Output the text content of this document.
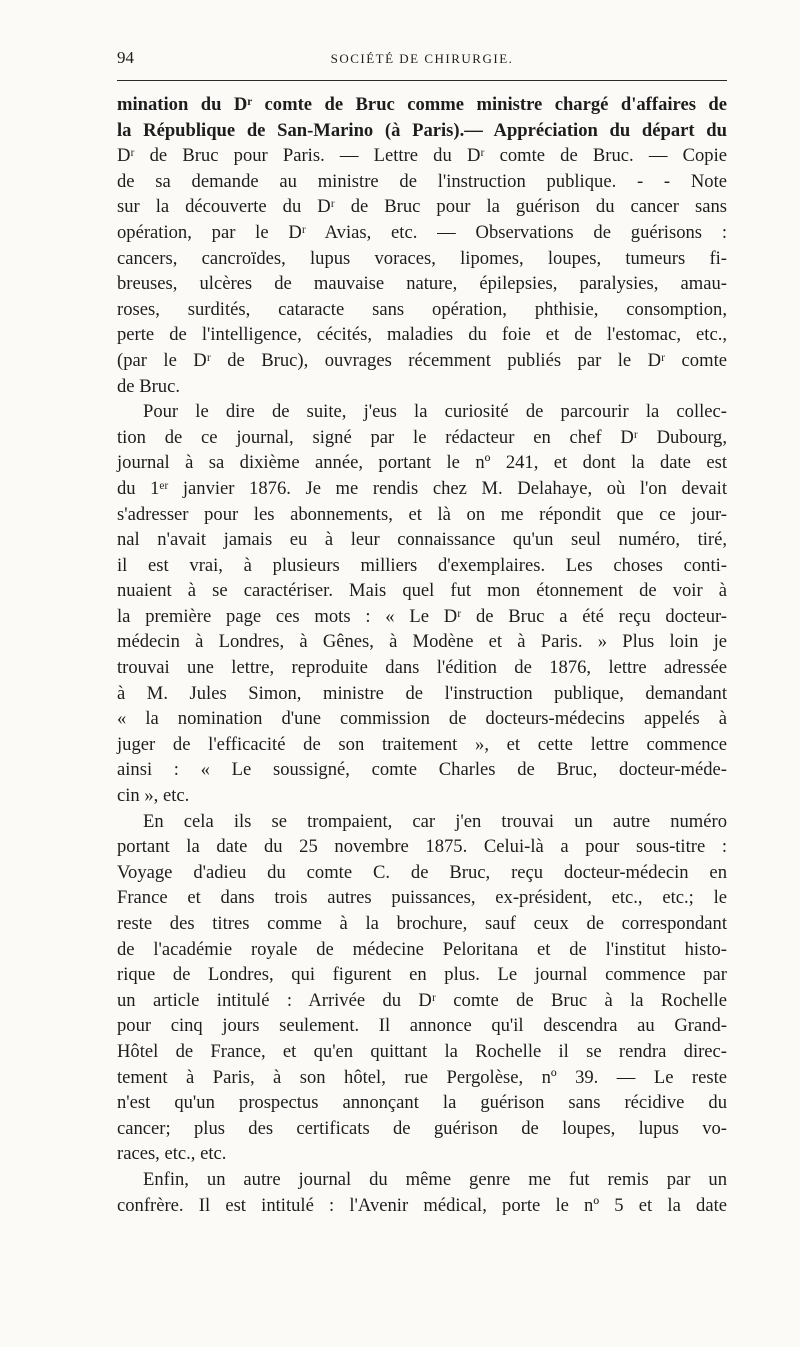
94	SOCIÉTÉ DE CHIRURGIE.
mination du Dʳ comte de Bruc comme ministre chargé d'affaires de
la République de San-Marino (à Paris).— Appréciation du départ du
Dʳ de Bruc pour Paris. — Lettre du Dʳ comte de Bruc. — Copie
de sa demande au ministre de l'instruction publique. - - Note
sur la découverte du Dʳ de Bruc pour la guérison du cancer sans
opération, par le Dʳ Avias, etc. — Observations de guérisons :
cancers, cancroïdes, lupus voraces, lipomes, loupes, tumeurs fi-
breuses, ulcères de mauvaise nature, épilepsies, paralysies, amau-
roses, surdités, cataracte sans opération, phthisie, consomption,
perte de l'intelligence, cécités, maladies du foie et de l'estomac, etc.,
(par le Dʳ de Bruc), ouvrages récemment publiés par le Dʳ comte
de Bruc.
Pour le dire de suite, j'eus la curiosité de parcourir la collec-
tion de ce journal, signé par le rédacteur en chef Dʳ Dubourg,
journal à sa dixième année, portant le nº 241, et dont la date est
du 1ᵉʳ janvier 1876. Je me rendis chez M. Delahaye, où l'on devait
s'adresser pour les abonnements, et là on me répondit que ce jour-
nal n'avait jamais eu à leur connaissance qu'un seul numéro, tiré,
il est vrai, à plusieurs milliers d'exemplaires. Les choses conti-
nuaient à se caractériser. Mais quel fut mon étonnement de voir à
la première page ces mots : « Le Dʳ de Bruc a été reçu docteur-
médecin à Londres, à Gênes, à Modène et à Paris. » Plus loin je
trouvai une lettre, reproduite dans l'édition de 1876, lettre adressée
à M. Jules Simon, ministre de l'instruction publique, demandant
« la nomination d'une commission de docteurs-médecins appelés à
juger de l'efficacité de son traitement », et cette lettre commence
ainsi : « Le soussigné, comte Charles de Bruc, docteur-méde-
cin », etc.
En cela ils se trompaient, car j'en trouvai un autre numéro
portant la date du 25 novembre 1875. Celui-là a pour sous-titre :
Voyage d'adieu du comte C. de Bruc, reçu docteur-médecin en
France et dans trois autres puissances, ex-président, etc., etc.; le
reste des titres comme à la brochure, sauf ceux de correspondant
de l'académie royale de médecine Peloritana et de l'institut histo-
rique de Londres, qui figurent en plus. Le journal commence par
un article intitulé : Arrivée du Dʳ comte de Bruc à la Rochelle
pour cinq jours seulement. Il annonce qu'il descendra au Grand-
Hôtel de France, et qu'en quittant la Rochelle il se rendra direc-
tement à Paris, à son hôtel, rue Pergolèse, nº 39. — Le reste
n'est qu'un prospectus annonçant la guérison sans récidive du
cancer; plus des certificats de guérison de loupes, lupus vo-
races, etc., etc.
Enfin, un autre journal du même genre me fut remis par un
confrère. Il est intitulé : l'Avenir médical, porte le nº 5 et la date
